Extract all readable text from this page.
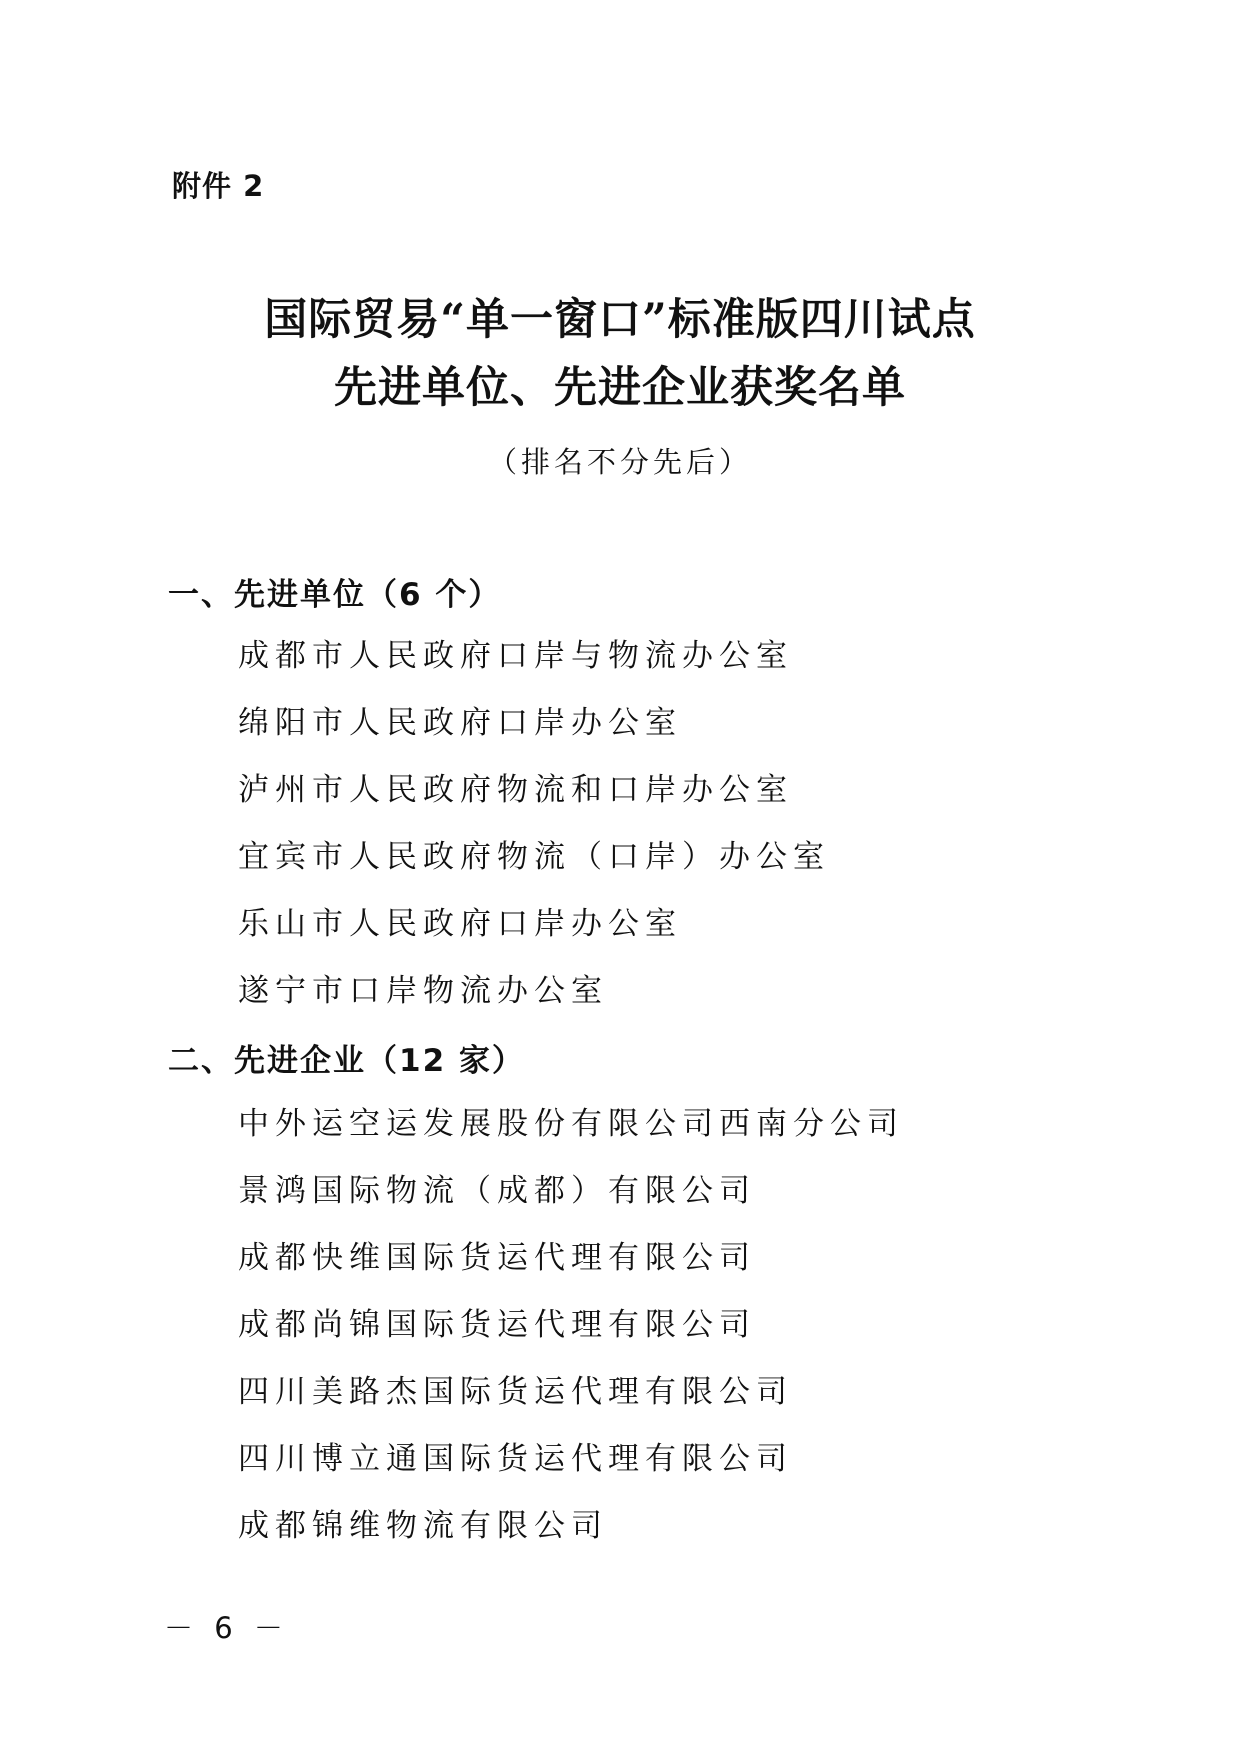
附件 2
国际贸易“单一窗口”标准版四川试点
先进单位、先进企业获奖名单
（排名不分先后）
一、先进单位（6 个）
成都市人民政府口岸与物流办公室
绵阳市人民政府口岸办公室
泸州市人民政府物流和口岸办公室
宜宾市人民政府物流（口岸）办公室
乐山市人民政府口岸办公室
遂宁市口岸物流办公室
二、先进企业（12 家）
中外运空运发展股份有限公司西南分公司
景鸿国际物流（成都）有限公司
成都快维国际货运代理有限公司
成都尚锦国际货运代理有限公司
四川美路杰国际货运代理有限公司
四川博立通国际货运代理有限公司
成都锦维物流有限公司
－ 6 －
